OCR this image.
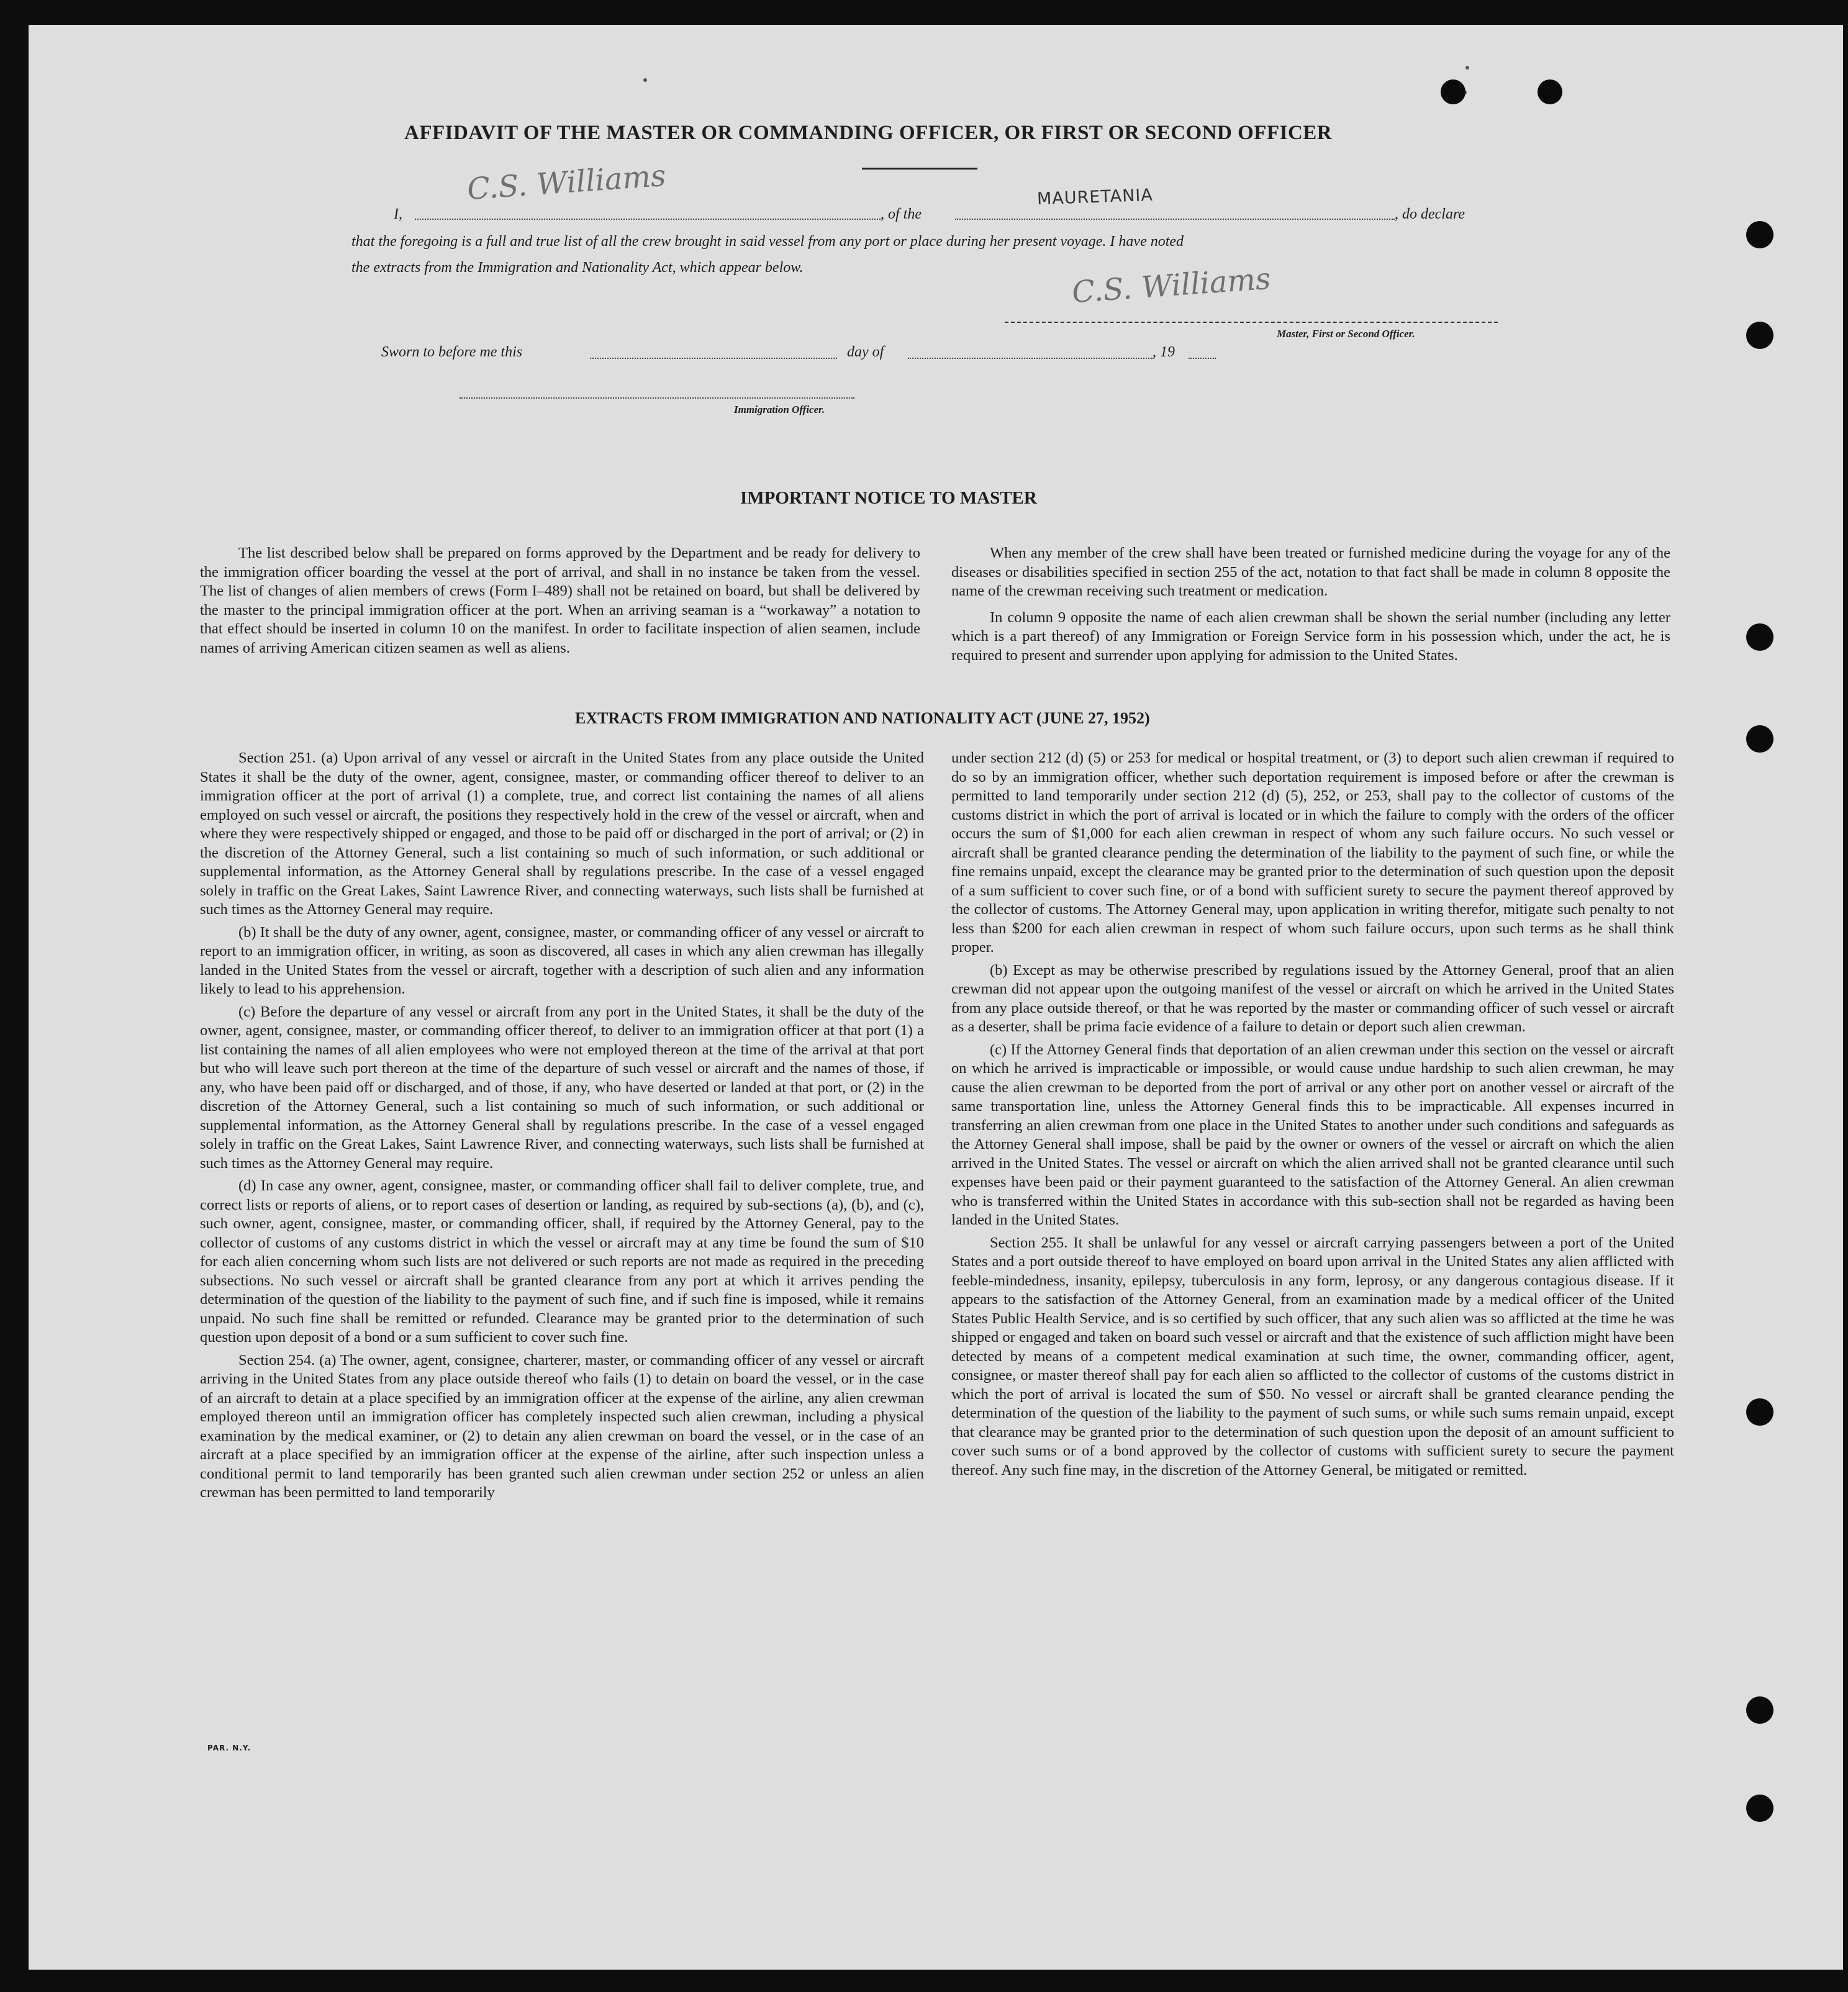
AFFIDAVIT OF THE MASTER OR COMMANDING OFFICER, OR FIRST OR SECOND OFFICER
I,
C.S. Williams
, of the
MAURETANIA
, do declare
that the foregoing is a full and true list of all the crew brought in said vessel from any port or place during her present voyage. I have noted
the extracts from the Immigration and Nationality Act, which appear below.	C.S. Williams
Master, First or Second Officer.
Sworn to before me this	day of	, 19
Immigration Officer.
IMPORTANT NOTICE TO MASTER

The list described below shall be prepared on forms approved by the Department and be ready for delivery to the immigration officer boarding the vessel at the port of arrival, and shall in no instance be taken from the vessel. The list of changes of alien members of crews (Form I–489) shall not be retained on board, but shall be delivered by the master to the principal immigration officer at the port. When an arriving seaman is a “workaway” a notation to that effect should be inserted in column 10 on the manifest. In order to facilitate inspection of alien seamen, include names of arriving American citizen seamen as well as aliens.

When any member of the crew shall have been treated or furnished medicine during the voyage for any of the diseases or disabilities specified in section 255 of the act, notation to that fact shall be made in column 8 opposite the name of the crewman receiving such treatment or medication.

In column 9 opposite the name of each alien crewman shall be shown the serial number (including any letter which is a part thereof) of any Immigration or Foreign Service form in his possession which, under the act, he is required to present and surrender upon applying for admission to the United States.

EXTRACTS FROM IMMIGRATION AND NATIONALITY ACT (JUNE 27, 1952)

Section 251. (a) Upon arrival of any vessel or aircraft in the United States from any place outside the United States it shall be the duty of the owner, agent, consignee, master, or commanding officer thereof to deliver to an immigration officer at the port of arrival (1) a complete, true, and correct list containing the names of all aliens employed on such vessel or aircraft, the positions they respectively hold in the crew of the vessel or aircraft, when and where they were respectively shipped or engaged, and those to be paid off or discharged in the port of arrival; or (2) in the discretion of the Attorney General, such a list containing so much of such information, or such additional or supplemental information, as the Attorney General shall by regulations prescribe. In the case of a vessel engaged solely in traffic on the Great Lakes, Saint Lawrence River, and connecting waterways, such lists shall be furnished at such times as the Attorney General may require.

(b) It shall be the duty of any owner, agent, consignee, master, or commanding officer of any vessel or aircraft to report to an immigration officer, in writing, as soon as discovered, all cases in which any alien crewman has illegally landed in the United States from the vessel or aircraft, together with a description of such alien and any information likely to lead to his apprehension.

(c) Before the departure of any vessel or aircraft from any port in the United States, it shall be the duty of the owner, agent, consignee, master, or commanding officer thereof, to deliver to an immigration officer at that port (1) a list containing the names of all alien employees who were not employed thereon at the time of the arrival at that port but who will leave such port thereon at the time of the departure of such vessel or aircraft and the names of those, if any, who have been paid off or discharged, and of those, if any, who have deserted or landed at that port, or (2) in the discretion of the Attorney General, such a list containing so much of such information, or such additional or supplemental information, as the Attorney General shall by regulations prescribe. In the case of a vessel engaged solely in traffic on the Great Lakes, Saint Lawrence River, and connecting waterways, such lists shall be furnished at such times as the Attorney General may require.

(d) In case any owner, agent, consignee, master, or commanding officer shall fail to deliver complete, true, and correct lists or reports of aliens, or to report cases of desertion or landing, as required by sub-sections (a), (b), and (c), such owner, agent, consignee, master, or commanding officer, shall, if required by the Attorney General, pay to the collector of customs of any customs district in which the vessel or aircraft may at any time be found the sum of $10 for each alien concerning whom such lists are not delivered or such reports are not made as required in the preceding subsections. No such vessel or aircraft shall be granted clearance from any port at which it arrives pending the determination of the question of the liability to the payment of such fine, and if such fine is imposed, while it remains unpaid. No such fine shall be remitted or refunded. Clearance may be granted prior to the determination of such question upon deposit of a bond or a sum sufficient to cover such fine.

Section 254. (a) The owner, agent, consignee, charterer, master, or commanding officer of any vessel or aircraft arriving in the United States from any place outside thereof who fails (1) to detain on board the vessel, or in the case of an aircraft to detain at a place specified by an immigration officer at the expense of the airline, any alien crewman employed thereon until an immigration officer has completely inspected such alien crewman, including a physical examination by the medical examiner, or (2) to detain any alien crewman on board the vessel, or in the case of an aircraft at a place specified by an immigration officer at the expense of the airline, after such inspection unless a conditional permit to land temporarily has been granted such alien crewman under section 252 or unless an alien crewman has been permitted to land temporarily

under section 212 (d) (5) or 253 for medical or hospital treatment, or (3) to deport such alien crewman if required to do so by an immigration officer, whether such deportation requirement is imposed before or after the crewman is permitted to land temporarily under section 212 (d) (5), 252, or 253, shall pay to the collector of customs of the customs district in which the port of arrival is located or in which the failure to comply with the orders of the officer occurs the sum of $1,000 for each alien crewman in respect of whom any such failure occurs. No such vessel or aircraft shall be granted clearance pending the determination of the liability to the payment of such fine, or while the fine remains unpaid, except the clearance may be granted prior to the determination of such question upon the deposit of a sum sufficient to cover such fine, or of a bond with sufficient surety to secure the payment thereof approved by the collector of customs. The Attorney General may, upon application in writing therefor, mitigate such penalty to not less than $200 for each alien crewman in respect of whom such failure occurs, upon such terms as he shall think proper.

(b) Except as may be otherwise prescribed by regulations issued by the Attorney General, proof that an alien crewman did not appear upon the outgoing manifest of the vessel or aircraft on which he arrived in the United States from any place outside thereof, or that he was reported by the master or commanding officer of such vessel or aircraft as a deserter, shall be prima facie evidence of a failure to detain or deport such alien crewman.

(c) If the Attorney General finds that deportation of an alien crewman under this section on the vessel or aircraft on which he arrived is impracticable or impossible, or would cause undue hardship to such alien crewman, he may cause the alien crewman to be deported from the port of arrival or any other port on another vessel or aircraft of the same transportation line, unless the Attorney General finds this to be impracticable. All expenses incurred in transferring an alien crewman from one place in the United States to another under such conditions and safeguards as the Attorney General shall impose, shall be paid by the owner or owners of the vessel or aircraft on which the alien arrived in the United States. The vessel or aircraft on which the alien arrived shall not be granted clearance until such expenses have been paid or their payment guaranteed to the satisfaction of the Attorney General. An alien crewman who is transferred within the United States in accordance with this sub-section shall not be regarded as having been landed in the United States.

Section 255. It shall be unlawful for any vessel or aircraft carrying passengers between a port of the United States and a port outside thereof to have employed on board upon arrival in the United States any alien afflicted with feeble-mindedness, insanity, epilepsy, tuberculosis in any form, leprosy, or any dangerous contagious disease. If it appears to the satisfaction of the Attorney General, from an examination made by a medical officer of the United States Public Health Service, and is so certified by such officer, that any such alien was so afflicted at the time he was shipped or engaged and taken on board such vessel or aircraft and that the existence of such affliction might have been detected by means of a competent medical examination at such time, the owner, commanding officer, agent, consignee, or master thereof shall pay for each alien so afflicted to the collector of customs of the customs district in which the port of arrival is located the sum of $50. No vessel or aircraft shall be granted clearance pending the determination of the question of the liability to the payment of such sums, or while such sums remain unpaid, except that clearance may be granted prior to the determination of such question upon the deposit of an amount sufficient to cover such sums or of a bond approved by the collector of customs with sufficient surety to secure the payment thereof. Any such fine may, in the discretion of the Attorney General, be mitigated or remitted.

PAR. N.Y.
